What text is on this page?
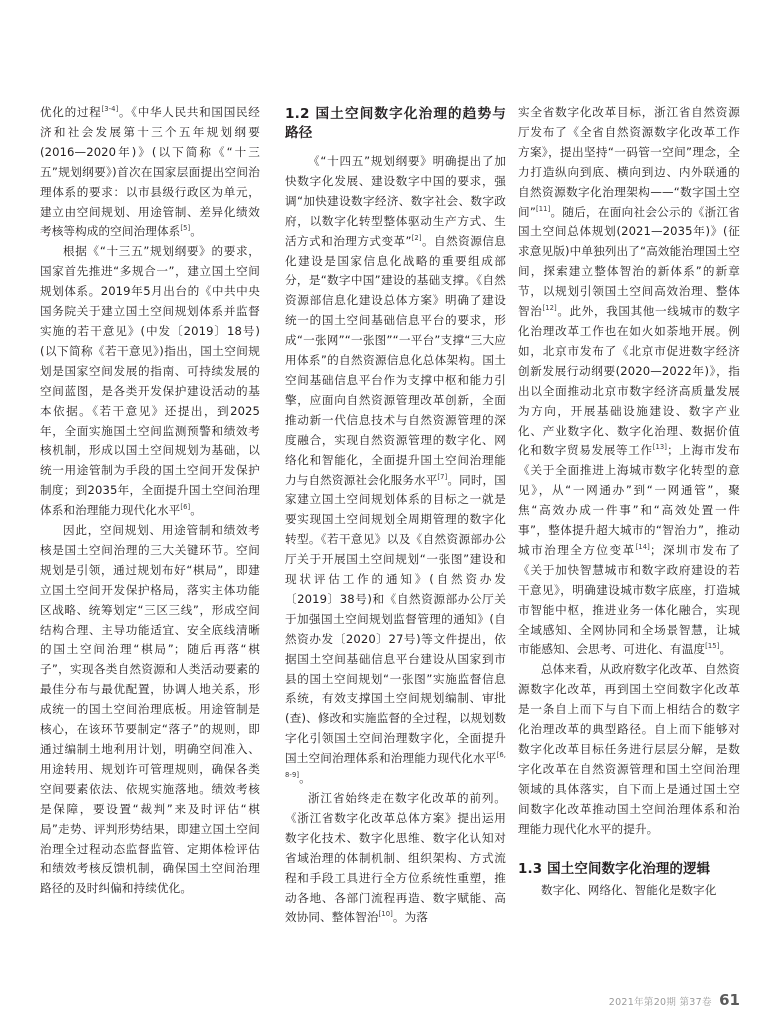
优化的过程[3-4]。《中华人民共和国国民经济和社会发展第十三个五年规划纲要(2016—2020年)》(以下简称《“十三五”规划纲要》)首次在国家层面提出空间治理体系的要求：以市县级行政区为单元，建立由空间规划、用途管制、差异化绩效考核等构成的空间治理体系[5]。

根据《“十三五”规划纲要》的要求，国家首先推进“多规合一”，建立国土空间规划体系。2019年5月出台的《中共中央 国务院关于建立国土空间规划体系并监督实施的若干意见》(中发〔2019〕18号)(以下简称《若干意见》)指出，国土空间规划是国家空间发展的指南、可持续发展的空间蓝图，是各类开发保护建设活动的基本依据。《若干意见》还提出，到2025年，全面实施国土空间监测预警和绩效考核机制，形成以国土空间规划为基础，以统一用途管制为手段的国土空间开发保护制度；到2035年，全面提升国土空间治理体系和治理能力现代化水平[6]。

因此，空间规划、用途管制和绩效考核是国土空间治理的三大关键环节。空间规划是引领，通过规划布好“棋局”，即建立国土空间开发保护格局，落实主体功能区战略、统筹划定“三区三线”，形成空间结构合理、主导功能适宜、安全底线清晰的国土空间治理“棋局”；随后再落“棋子”，实现各类自然资源和人类活动要素的最佳分布与最优配置，协调人地关系，形成统一的国土空间治理底板。用途管制是核心，在该环节要制定“落子”的规则，即通过编制土地利用计划，明确空间准入、用途转用、规划许可管理规则，确保各类空间要素依法、依规实施落地。绩效考核是保障，要设置“裁判”来及时评估“棋局”走势、评判形势结果，即建立国土空间治理全过程动态监督监管、定期体检评估和绩效考核反馈机制，确保国土空间治理路径的及时纠偏和持续优化。

1.2 国土空间数字化治理的趋势与路径

《“十四五”规划纲要》明确提出了加快数字化发展、建设数字中国的要求，强调“加快建设数字经济、数字社会、数字政府，以数字化转型整体驱动生产方式、生活方式和治理方式变革”[2]。自然资源信息化建设是国家信息化战略的重要组成部分，是“数字中国”建设的基础支撑。《自然资源部信息化建设总体方案》明确了建设统一的国土空间基础信息平台的要求，形成“一张网”“一张图”“一平台”支撑“三大应用体系”的自然资源信息化总体架构。国土空间基础信息平台作为支撑中枢和能力引擎，应面向自然资源管理改革创新，全面推动新一代信息技术与自然资源管理的深度融合，实现自然资源管理的数字化、网络化和智能化，全面提升国土空间治理能力与自然资源社会化服务水平[7]。同时，国家建立国土空间规划体系的目标之一就是要实现国土空间规划全周期管理的数字化转型。《若干意见》以及《自然资源部办公厅关于开展国土空间规划“一张图”建设和现状评估工作的通知》(自然资办发〔2019〕38号)和《自然资源部办公厅关于加强国土空间规划监督管理的通知》(自然资办发〔2020〕27号)等文件提出，依据国土空间基础信息平台建设从国家到市县的国土空间规划“一张图”实施监督信息系统，有效支撑国土空间规划编制、审批(查)、修改和实施监督的全过程，以规划数字化引领国土空间治理数字化，全面提升国土空间治理体系和治理能力现代化水平[6, 8-9]。

浙江省始终走在数字化改革的前列。《浙江省数字化改革总体方案》提出运用数字化技术、数字化思维、数字化认知对省域治理的体制机制、组织架构、方式流程和手段工具进行全方位系统性重塑，推动各地、各部门流程再造、数字赋能、高效协同、整体智治[10]。为落

实全省数字化改革目标，浙江省自然资源厅发布了《全省自然资源数字化改革工作方案》，提出坚持“一码管一空间”理念，全力打造纵向到底、横向到边、内外联通的自然资源数字化治理架构——“数字国土空间”[11]。随后，在面向社会公示的《浙江省国土空间总体规划(2021—2035年)》(征求意见版)中单独列出了“高效能治理国土空间，探索建立整体智治的新体系”的新章节，以规划引领国土空间高效治理、整体智治[12]。此外，我国其他一线城市的数字化治理改革工作也在如火如荼地开展。例如，北京市发布了《北京市促进数字经济创新发展行动纲要(2020—2022年)》，指出以全面推动北京市数字经济高质量发展为方向，开展基础设施建设、数字产业化、产业数字化、数字化治理、数据价值化和数字贸易发展等工作[13]；上海市发布《关于全面推进上海城市数字化转型的意见》，从“一网通办”到“一网通管”，聚焦“高效办成一件事”和“高效处置一件事”，整体提升超大城市的“智治力”，推动城市治理全方位变革[14]；深圳市发布了《关于加快智慧城市和数字政府建设的若干意见》，明确建设城市数字底座，打造城市智能中枢，推进业务一体化融合，实现全域感知、全网协同和全场景智慧，让城市能感知、会思考、可进化、有温度[15]。

总体来看，从政府数字化改革、自然资源数字化改革，再到国土空间数字化改革是一条自上而下与自下而上相结合的数字化治理改革的典型路径。自上而下能够对数字化改革目标任务进行层层分解，是数字化改革在自然资源管理和国土空间治理领域的具体落实，自下而上是通过国土空间数字化改革推动国土空间治理体系和治理能力现代化水平的提升。

1.3 国土空间数字化治理的逻辑

数字化、网络化、智能化是数字化

2021年第20期 第37卷 61
